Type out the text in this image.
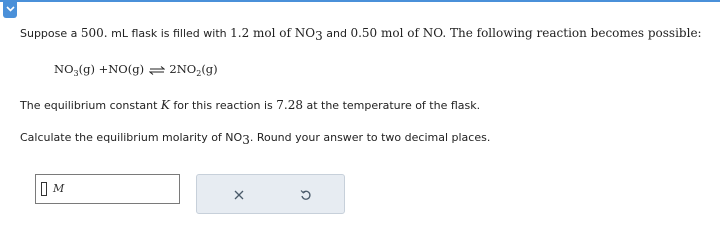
Suppose a 500. mL flask is filled with 1.2 mol of $NO_3$ and 0.50 mol of NO. The following reaction becomes possible:

$NO_3(g) +NO(g)$ ⇌ $2NO_2(g)$

The equilibrium constant K for this reaction is 7.28 at the temperature of the flask.

Calculate the equilibrium molarity of $NO_3$. Round your answer to two decimal places.

M
